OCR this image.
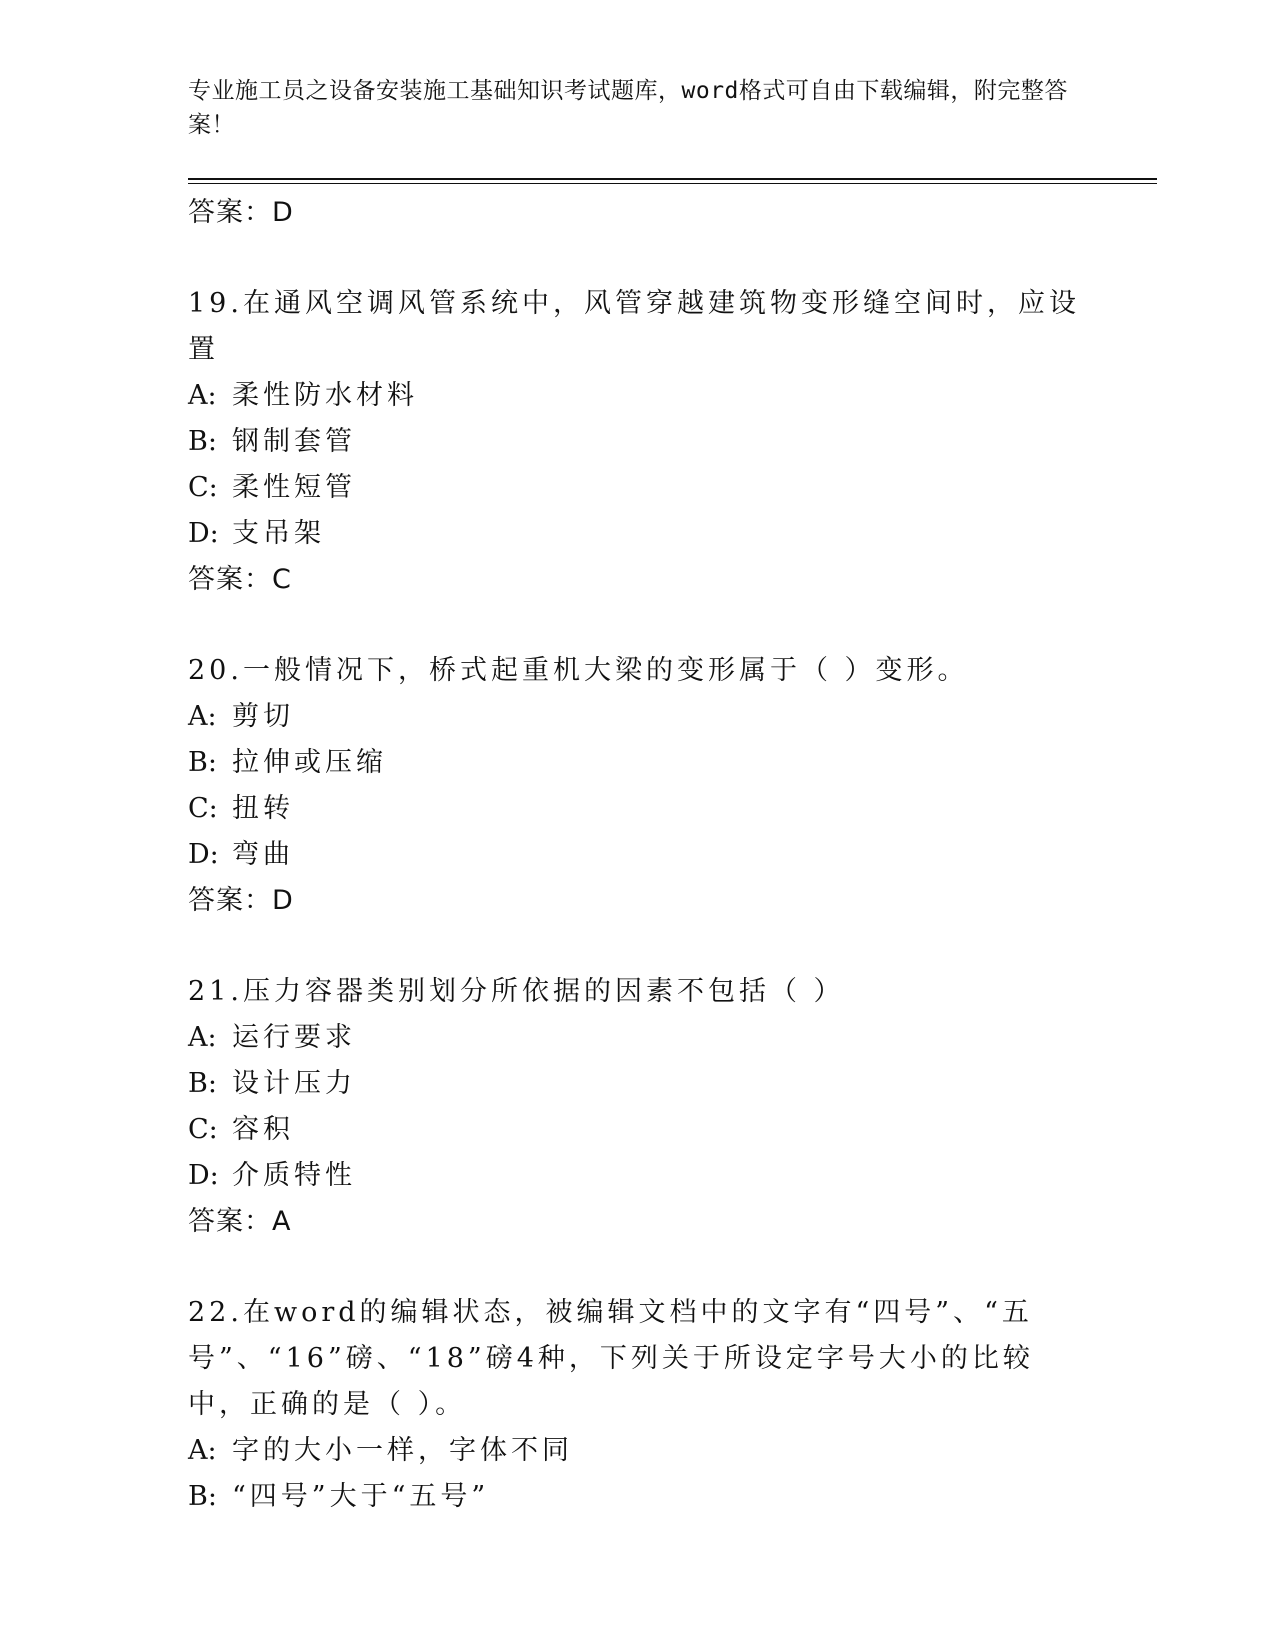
专业施工员之设备安装施工基础知识考试题库，word格式可自由下载编辑，附完整答案！
答案：D
19.在通风空调风管系统中，风管穿越建筑物变形缝空间时，应设置
A: 柔性防水材料
B: 钢制套管
C: 柔性短管
D: 支吊架
答案：C
20.一般情况下，桥式起重机大梁的变形属于（ ）变形。
A: 剪切
B: 拉伸或压缩
C: 扭转
D: 弯曲
答案：D
21.压力容器类别划分所依据的因素不包括（ ）
A: 运行要求
B: 设计压力
C: 容积
D: 介质特性
答案：A
22.在word的编辑状态，被编辑文档中的文字有“四号”、“五号”、“16”磅、“18”磅4种，下列关于所设定字号大小的比较中，正确的是（ ）。
A: 字的大小一样，字体不同
B: “四号”大于“五号”
